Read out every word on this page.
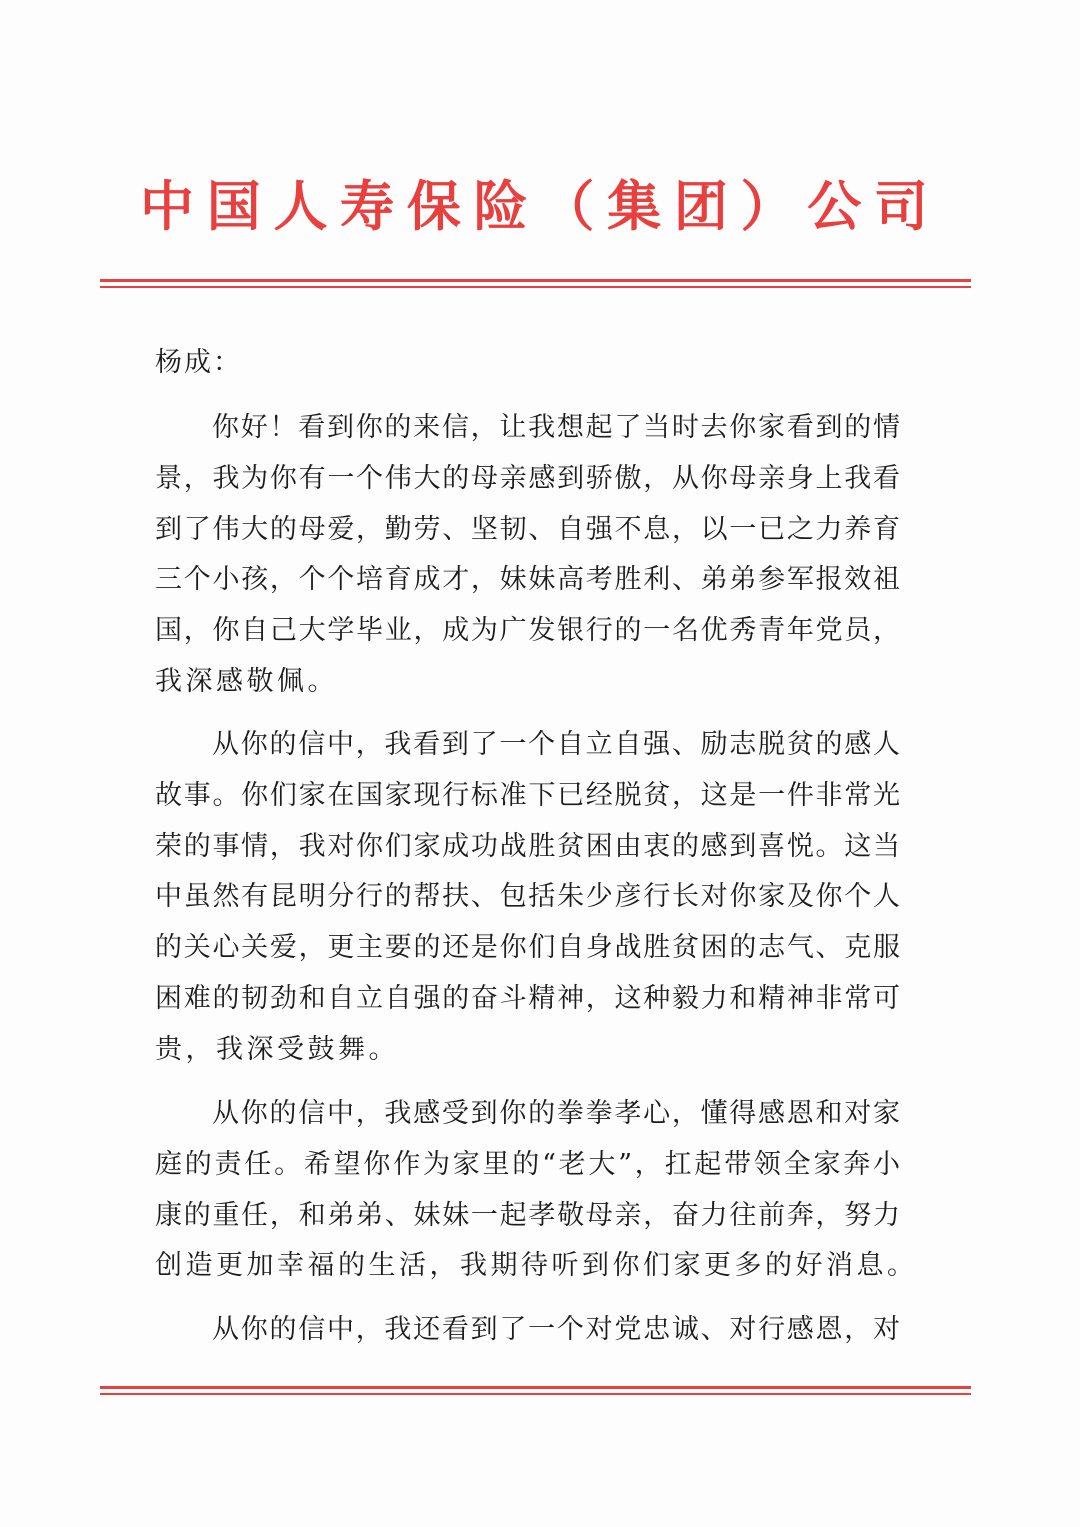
中国人寿保险（集团）公司
杨成：
你好！看到你的来信，让我想起了当时去你家看到的情
景，我为你有一个伟大的母亲感到骄傲，从你母亲身上我看
到了伟大的母爱，勤劳、坚韧、自强不息，以一已之力养育
三个小孩，个个培育成才，妹妹高考胜利、弟弟参军报效祖
国，你自己大学毕业，成为广发银行的一名优秀青年党员，
我深感敬佩。
从你的信中，我看到了一个自立自强、励志脱贫的感人
故事。你们家在国家现行标准下已经脱贫，这是一件非常光
荣的事情，我对你们家成功战胜贫困由衷的感到喜悦。这当
中虽然有昆明分行的帮扶、包括朱少彦行长对你家及你个人
的关心关爱，更主要的还是你们自身战胜贫困的志气、克服
困难的韧劲和自立自强的奋斗精神，这种毅力和精神非常可
贵，我深受鼓舞。
从你的信中，我感受到你的拳拳孝心，懂得感恩和对家
庭的责任。希望你作为家里的“老大”，扛起带领全家奔小
康的重任，和弟弟、妹妹一起孝敬母亲，奋力往前奔，努力
创造更加幸福的生活，我期待听到你们家更多的好消息。
从你的信中，我还看到了一个对党忠诚、对行感恩，对
